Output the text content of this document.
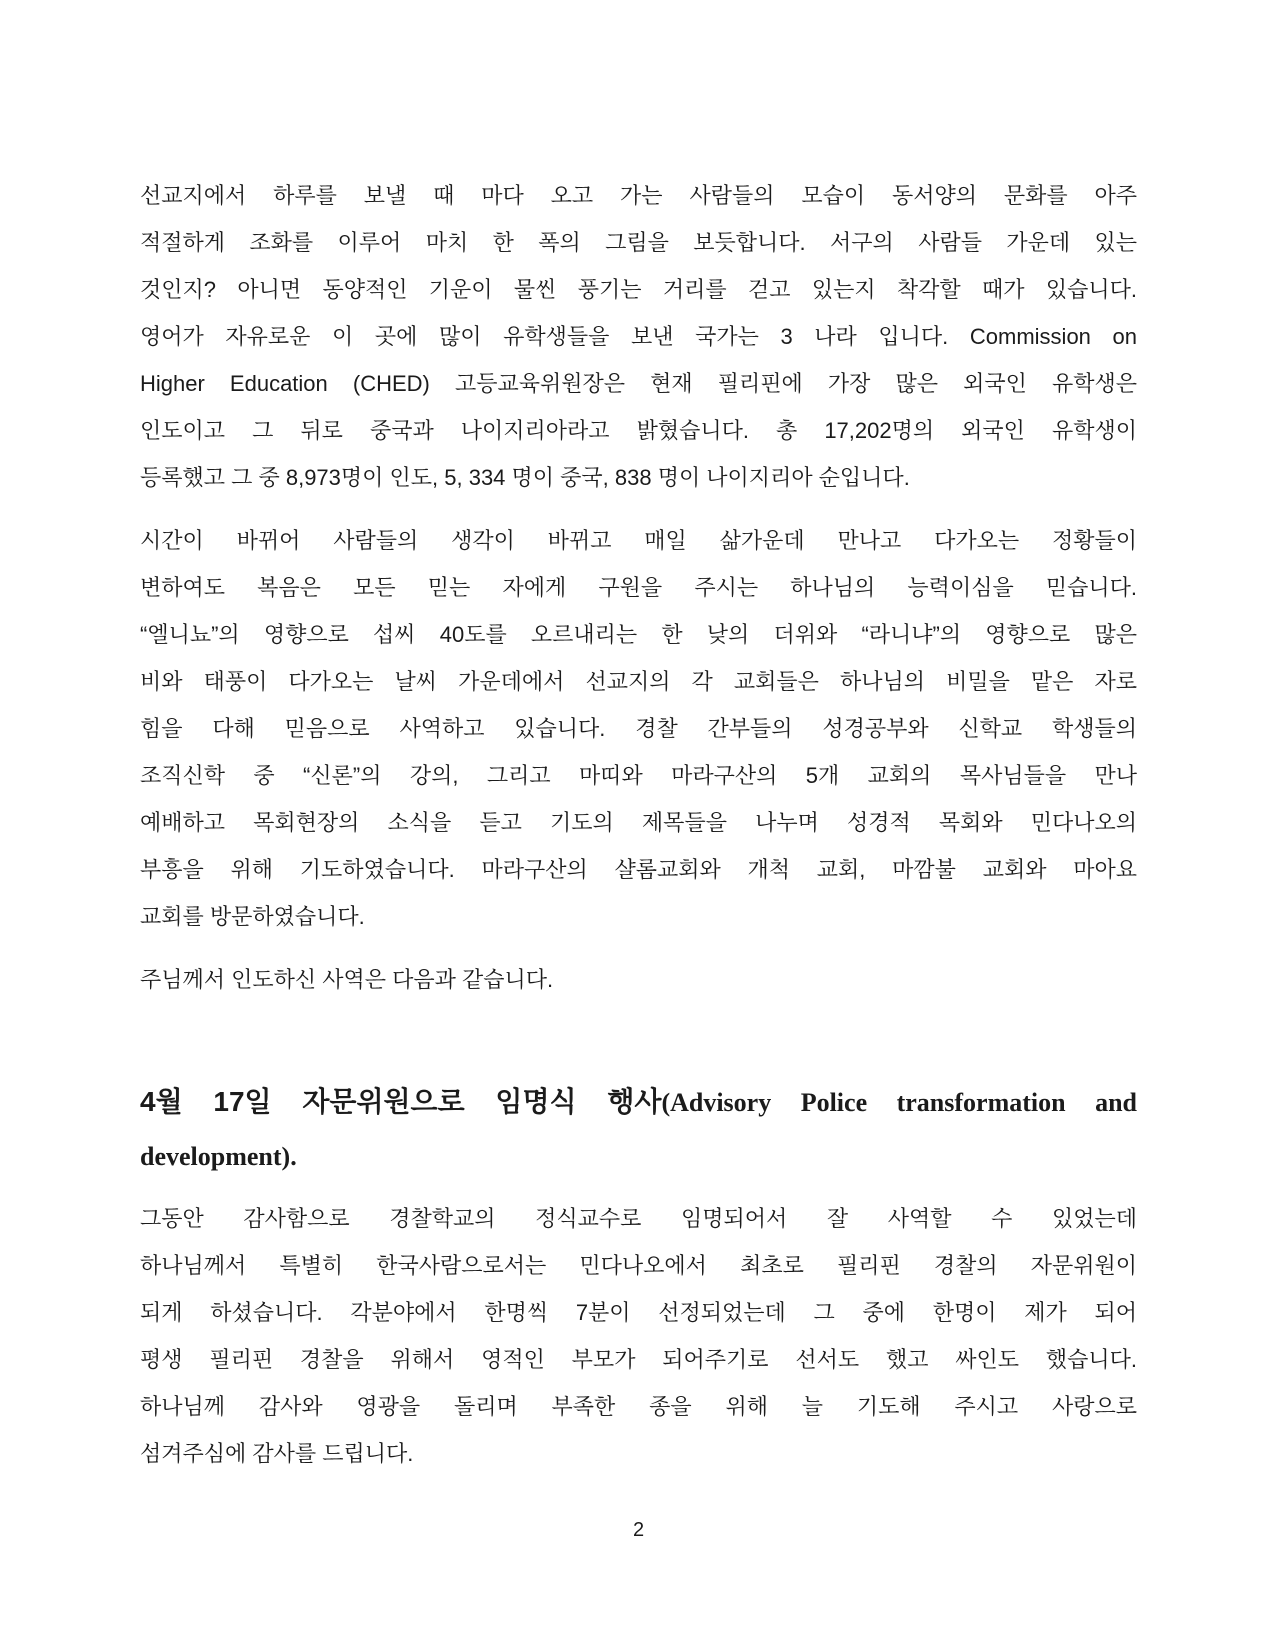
선교지에서 하루를 보낼 때 마다 오고 가는 사람들의 모습이 동서양의 문화를 아주
적절하게 조화를 이루어 마치 한 폭의 그림을 보듯합니다. 서구의 사람들 가운데 있는
것인지? 아니면 동양적인 기운이 물씬 풍기는 거리를 걷고 있는지 착각할 때가 있습니다.
영어가 자유로운 이 곳에 많이 유학생들을 보낸 국가는 3 나라 입니다. Commission on
Higher Education (CHED) 고등교육위원장은 현재 필리핀에 가장 많은 외국인 유학생은
인도이고 그 뒤로 중국과 나이지리아라고 밝혔습니다. 총 17,202명의 외국인 유학생이
등록했고 그 중 8,973명이 인도, 5, 334 명이 중국, 838 명이 나이지리아 순입니다.
시간이 바뀌어 사람들의 생각이 바뀌고 매일 삶가운데 만나고 다가오는 정황들이
변하여도 복음은 모든 믿는 자에게 구원을 주시는 하나님의 능력이심을 믿습니다.
“엘니뇨”의 영향으로 섭씨 40도를 오르내리는 한 낮의 더위와 “라니냐”의 영향으로 많은
비와 태풍이 다가오는 날씨 가운데에서 선교지의 각 교회들은 하나님의 비밀을 맡은 자로
힘을 다해 믿음으로 사역하고 있습니다. 경찰 간부들의 성경공부와 신학교 학생들의
조직신학 중 “신론”의 강의, 그리고 마띠와 마라구산의 5개 교회의 목사님들을 만나
예배하고 목회현장의 소식을 듣고 기도의 제목들을 나누며 성경적 목회와 민다나오의
부흥을 위해 기도하였습니다. 마라구산의 샬롬교회와 개척 교회, 마깜불 교회와 마아요
교회를 방문하였습니다.
주님께서 인도하신 사역은 다음과 같습니다.
4월 17일 자문위원으로 임명식 행사(Advisory Police transformation and
development).
그동안 감사함으로 경찰학교의 정식교수로 임명되어서 잘 사역할 수 있었는데
하나님께서 특별히 한국사람으로서는 민다나오에서 최초로 필리핀 경찰의 자문위원이
되게 하셨습니다. 각분야에서 한명씩 7분이 선정되었는데 그 중에 한명이 제가 되어
평생 필리핀 경찰을 위해서 영적인 부모가 되어주기로 선서도 했고 싸인도 했습니다.
하나님께 감사와 영광을 돌리며 부족한 종을 위해 늘 기도해 주시고 사랑으로
섬겨주심에 감사를 드립니다.
2
